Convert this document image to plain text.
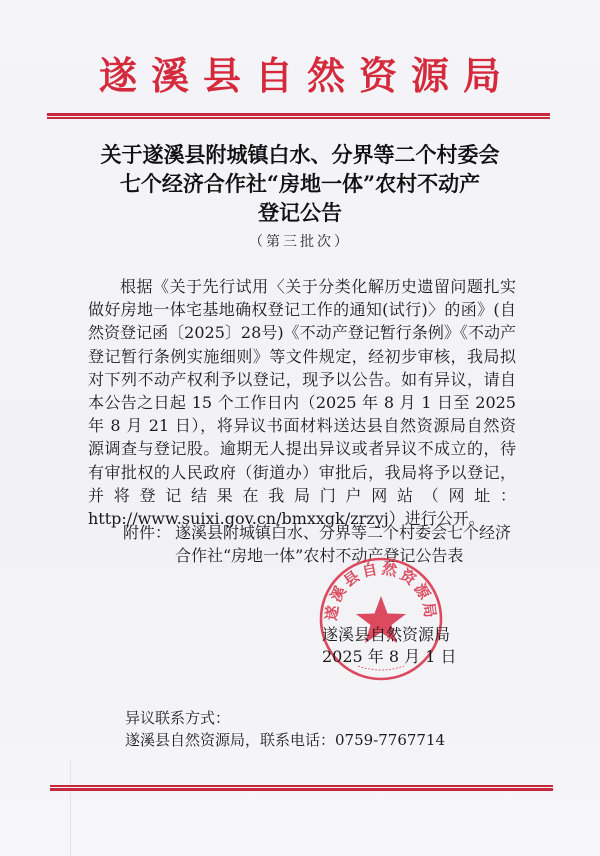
遂溪县自然资源局
关于遂溪县附城镇白水、分界等二个村委会
七个经济合作社“房地一体”农村不动产
登记公告
（第三批次）
根据《关于先行试用〈关于分类化解历史遗留问题扎实
做好房地一体宅基地确权登记工作的通知(试行)〉的函》(自
然资登记函〔2025〕28号)《不动产登记暂行条例》《不动产
登记暂行条例实施细则》等文件规定，经初步审核，我局拟
对下列不动产权利予以登记，现予以公告。如有异议，请自
本公告之日起 15 个工作日内（2025 年 8 月 1 日至 2025
年 8 月 21 日），将异议书面材料送达县自然资源局自然资
源调查与登记股。逾期无人提出异议或者异议不成立的，待
有审批权的人民政府（街道办）审批后，我局将予以登记，
并将登记结果在我局门户网站（网址：
http://www.suixi.gov.cn/bmxxgk/zrzyj）进行公开。
附件： 遂溪县附城镇白水、分界等二个村委会七个经济
合作社“房地一体”农村不动产登记公告表
遂溪县自然资源局
遂溪县自然资源局
2025 年 8 月 1 日
异议联系方式：
遂溪县自然资源局，联系电话：0759-7767714
